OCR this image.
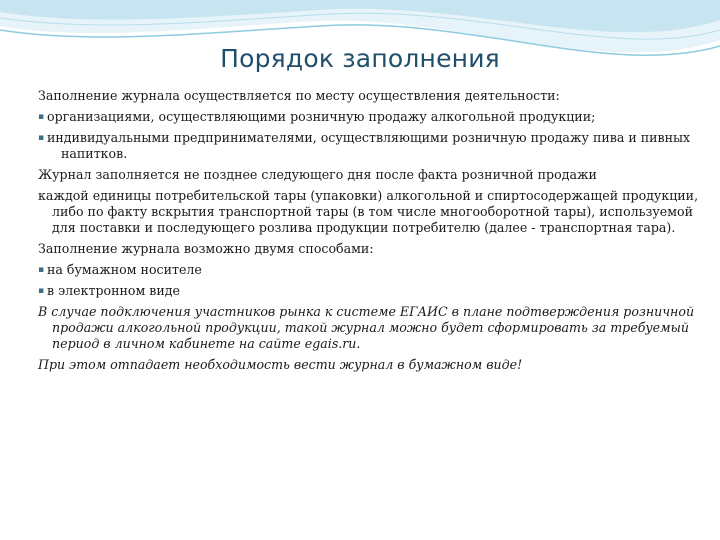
Порядок заполнения

Заполнение журнала осуществляется по месту осуществления деятельности:

▪ организациями, осуществляющими розничную продажу алкогольной продукции;
▪ индивидуальными предпринимателями, осуществляющими розничную продажу пива и пивных напитков.

Журнал заполняется не позднее следующего дня после факта розничной продажи

каждой единицы потребительской тары (упаковки) алкогольной и спиртосодержащей продукции, либо по факту вскрытия транспортной тары (в том числе многооборотной тары), используемой для поставки и последующего розлива продукции потребителю (далее - транспортная тара).

Заполнение журнала возможно двумя способами:

▪ на бумажном носителе
▪ в электронном виде

В случае подключения участников рынка к системе ЕГАИС в плане подтверждения розничной продажи алкогольной продукции, такой журнал можно будет сформировать за требуемый период в личном кабинете на сайте egais.ru.

При этом отпадает необходимость вести журнал в бумажном виде!
